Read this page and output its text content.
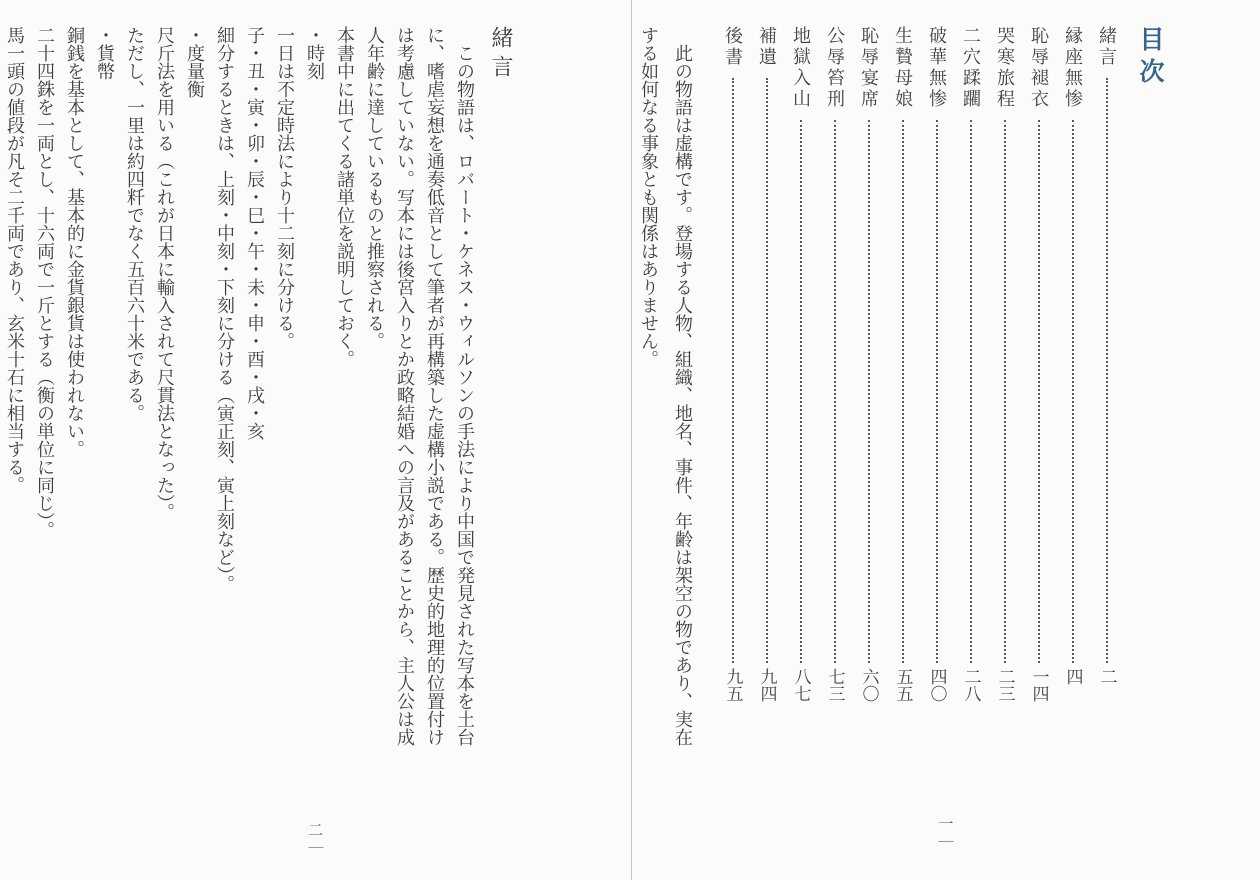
目次
緒言
二
縁座無惨
四
恥辱褪衣
一四
哭寒旅程
二三
二穴蹂躙
二八
破華無惨
四〇
生贄母娘
五五
恥辱宴席
六〇
公辱笞刑
七三
地獄入山
八七
補遺
九四
後書
九五
　此の物語は虚構です。登場する人物、組織、地名、事件、年齢は架空の物であり、実在
する如何なる事象とも関係はありません。
一
緒言
　この物語は、ロバート・ケネス・ウィルソンの手法により中国で発見された写本を土台
に、嗜虐妄想を通奏低音として筆者が再構築した虚構小説である。歴史的地理的位置付け
は考慮していない。写本には後宮入りとか政略結婚への言及があることから、主人公は成
人年齢に達しているものと推察される。
本書中に出てくる諸単位を説明しておく。
・時刻
一日は不定時法により十二刻に分ける。
子・丑・寅・卯・辰・巳・午・未・申・酉・戌・亥
細分するときは、上刻・中刻・下刻に分ける（寅正刻、寅上刻など）。
・度量衡
尺斤法を用いる（これが日本に輸入されて尺貫法となった）。
ただし、一里は約四粁でなく五百六十米である。
・貨幣
銅銭を基本として、基本的に金貨銀貨は使われない。
二十四銖を一両とし、十六両で一斤とする（衡の単位に同じ）。
馬一頭の値段が凡そ二千両であり、玄米十石に相当する。
二
